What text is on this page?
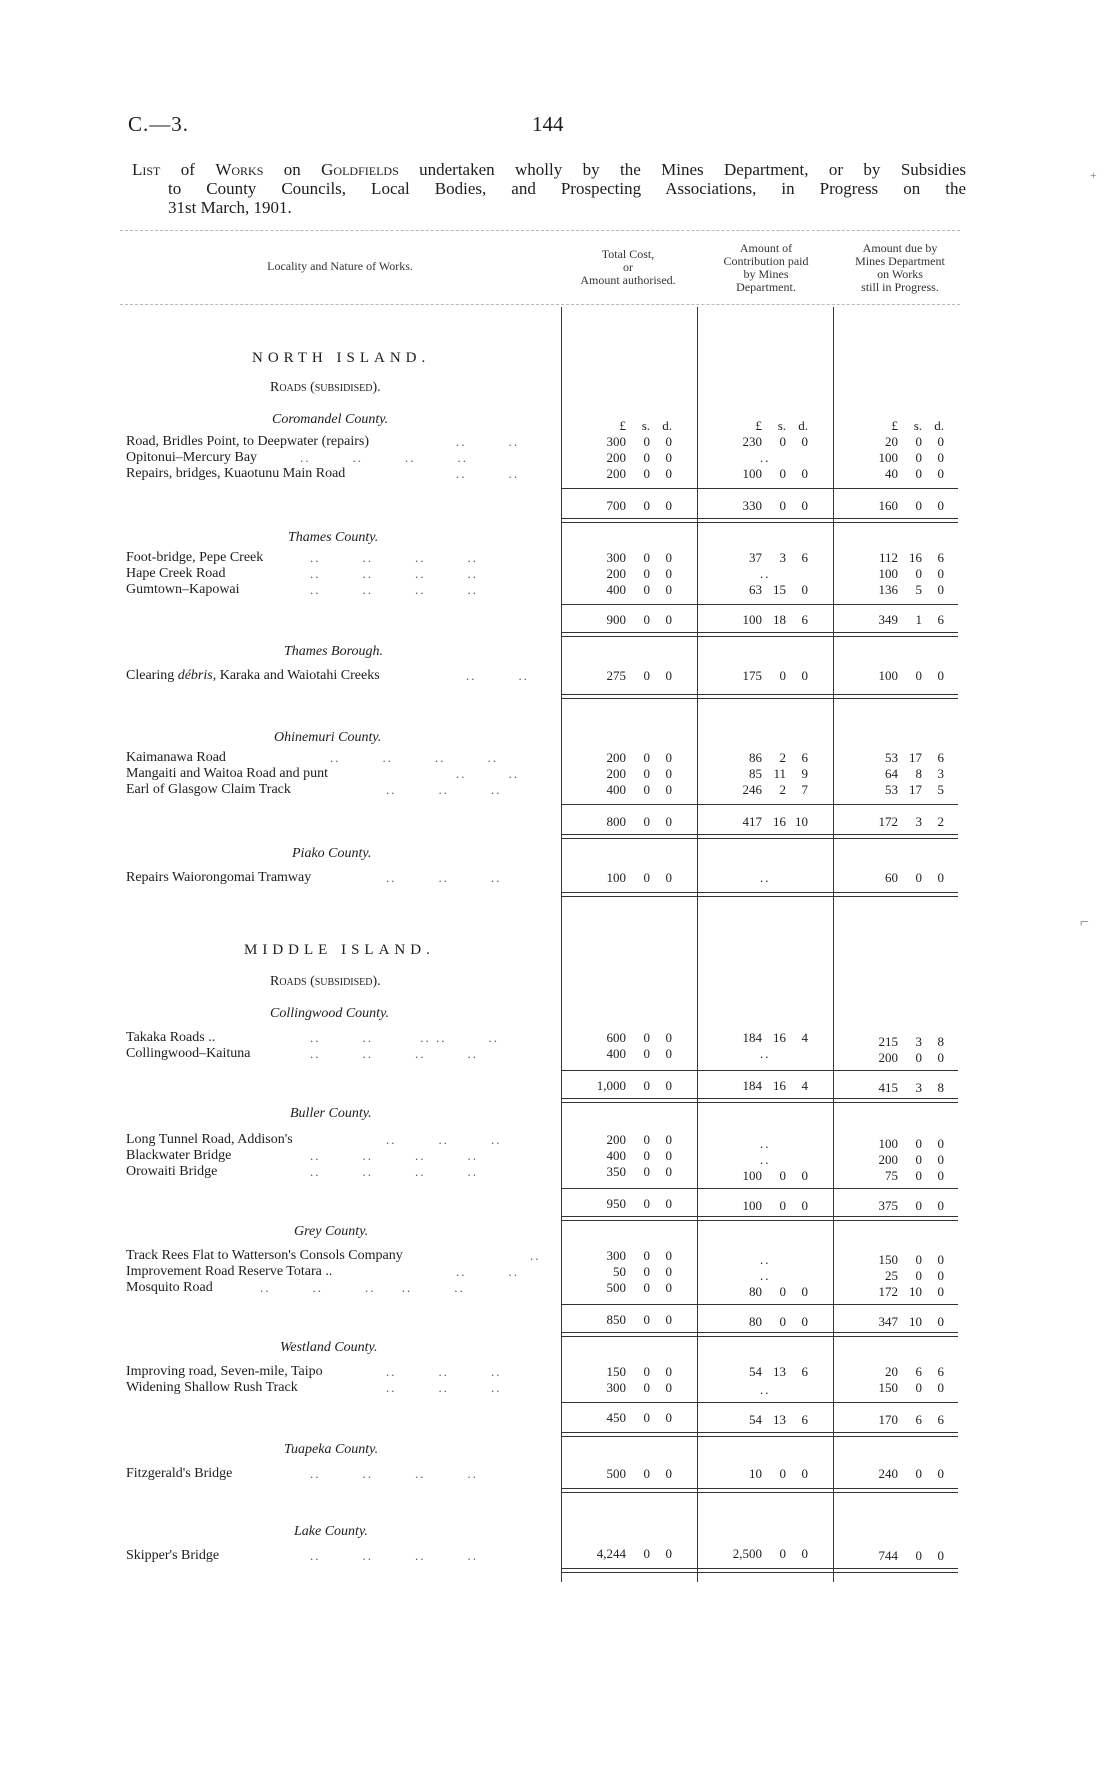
C.—3.	144
List of Works on Goldfields undertaken wholly by the Mines Department, or by Subsidies
to County Councils, Local Bodies, and Prospecting Associations, in Progress on the
31st March, 1901.
Locality and Nature of Works.
Total Cost,
or
Amount authorised.
Amount of
Contribution paid
by Mines
Department.
Amount due by
Mines Department
on Works
still in Progress.
NORTH ISLAND.
Roads (subsidised).
Coromandel County.	£ s. d.	£ s. d.	£ s. d.
Road, Bridles Point, to Deepwater (repairs)	..        ..	300 0 0	230 0 0	20 0 0
Opitonui–Mercury Bay	..        ..        ..        ..	200 0 0	..	100 0 0
Repairs, bridges, Kuaotunu Main Road	..        ..	200 0 0	100 0 0	40 0 0
700 0 0	330 0 0	160 0 0
Thames County.
Foot-bridge, Pepe Creek	..        ..        ..        ..	300 0 0	37 3 6	112 16 6
Hape Creek Road	..        ..        ..        ..	200 0 0	..	100 0 0
Gumtown–Kapowai	..        ..        ..        ..	400 0 0	63 15 0	136 5 0
900 0 0	100 18 6	349 1 6
Thames Borough.
Clearing débris, Karaka and Waiotahi Creeks	..        ..	275 0 0	175 0 0	100 0 0
Ohinemuri County.
Kaimanawa Road	..        ..        ..        ..	200 0 0	86 2 6	53 17 6
Mangaiti and Waitoa Road and punt	..        ..	200 0 0	85 11 9	64 8 3
Earl of Glasgow Claim Track	..        ..        ..	400 0 0	246 2 7	53 17 5
800 0 0	417 16 10	172 3 2
Piako County.
Repairs Waiorongomai Tramway	..        ..        ..	100 0 0	..	60 0 0
MIDDLE ISLAND.
Roads (subsidised).
Collingwood County.
Takaka Roads ..	..        ..         .. ..        ..	600 0 0	184 16 4	215 3 8
Collingwood–Kaituna	..        ..        ..        ..	400 0 0	..	200 0 0
1,000 0 0	184 16 4	415 3 8
Buller County.
Long Tunnel Road, Addison's	..        ..        ..	200 0 0	..	100 0 0
Blackwater Bridge	..        ..        ..        ..	400 0 0	..	200 0 0
Orowaiti Bridge	..        ..        ..        ..	350 0 0	100 0 0	75 0 0
950 0 0	100 0 0	375 0 0
Grey County.
Track Rees Flat to Watterson's Consols Company	..	300 0 0	..	150 0 0
Improvement Road Reserve Totara ..	..        ..	50 0 0	..	25 0 0
Mosquito Road	..        ..        ..     ..        ..	500 0 0	80 0 0	172 10 0
850 0 0	80 0 0	347 10 0
Westland County.
Improving road, Seven-mile, Taipo	..        ..        ..	150 0 0	54 13 6	20 6 6
Widening Shallow Rush Track	..        ..        ..	300 0 0	..	150 0 0
450 0 0	54 13 6	170 6 6
Tuapeka County.
Fitzgerald's Bridge	..        ..        ..        ..	500 0 0	10 0 0	240 0 0
Lake County.
Skipper's Bridge	..        ..        ..        ..	4,244 0 0	2,500 0 0	744 0 0
+
⌐
